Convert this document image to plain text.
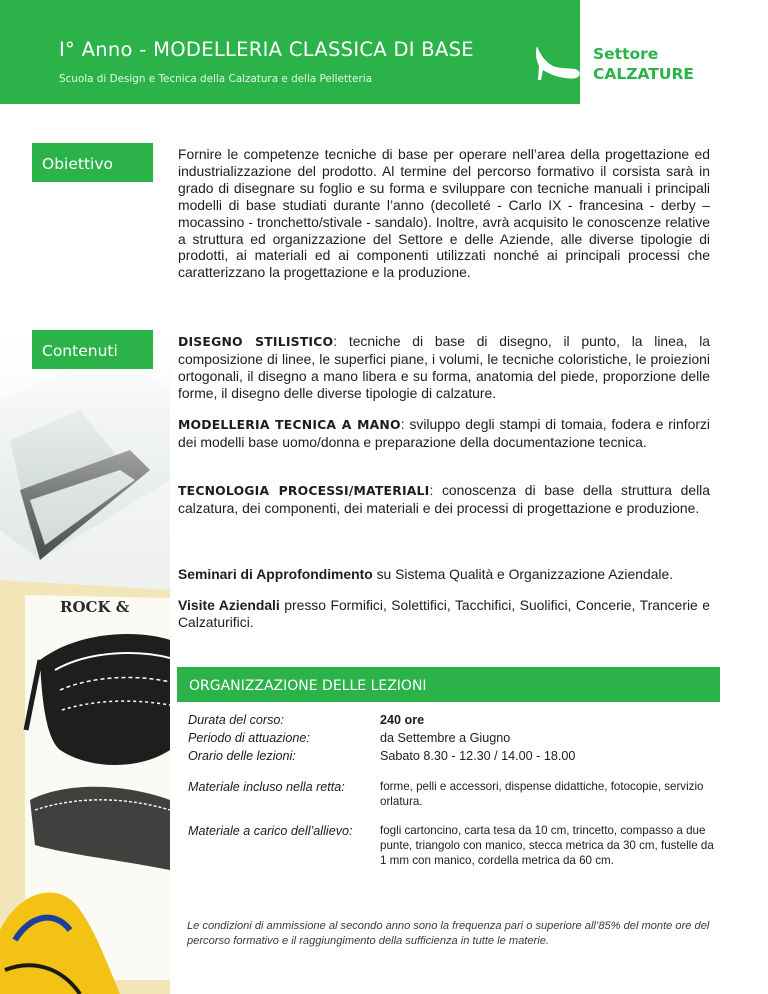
I° Anno - MODELLERIA CLASSICA DI BASE
Scuola di Design e Tecnica della Calzatura e della Pelletteria
Settore
CALZATURE
Obiettivo
Fornire le competenze tecniche di base per operare nell’area della progettazione ed industrializzazione del prodotto. Al termine del percorso formativo il corsista sarà in grado di disegnare su foglio e su forma e sviluppare con tecniche manuali i principali modelli di base studiati durante l’anno (decolleté - Carlo IX - francesina - derby – mocassino - tronchetto/stivale - sandalo). Inoltre, avrà acquisito le conoscenze relative a struttura ed organizzazione del Settore e delle Aziende, alle diverse tipologie di prodotti, ai materiali ed ai componenti utilizzati nonché ai principali processi che caratterizzano la progettazione e la produzione.
Contenuti
DISEGNO STILISTICO: tecniche di base di disegno, il punto, la linea, la composizione di linee, le superfici piane, i volumi, le tecniche coloristiche, le proiezioni ortogonali, il disegno a mano libera e su forma, anatomia del piede, proporzione delle forme, il disegno delle diverse tipologie di calzature.
MODELLERIA TECNICA A MANO: sviluppo degli stampi di tomaia, fodera e rinforzi dei modelli base uomo/donna e preparazione della documentazione tecnica.
TECNOLOGIA PROCESSI/MATERIALI: conoscenza di base della struttura della calzatura, dei componenti, dei materiali e dei processi di progettazione e produzione.
Seminari di Approfondimento su Sistema Qualità e Organizzazione Aziendale.
Visite Aziendali presso Formifici, Solettifici, Tacchifici, Suolifici, Concerie, Trancerie e Calzaturifici.
ORGANIZZAZIONE DELLE LEZIONI
Durata del corso:	240 ore
Periodo di attuazione:	da Settembre a Giugno
Orario delle lezioni:	Sabato 8.30 - 12.30 / 14.00 - 18.00
Materiale incluso nella retta:	forme, pelli e accessori, dispense didattiche, fotocopie, servizio orlatura.
Materiale a carico dell’allievo: fogli cartoncino, carta tesa da 10 cm, trincetto, compasso a due punte, triangolo con manico, stecca metrica da 30 cm, fustelle da 1 mm con manico, cordella metrica da 60 cm.
Le condizioni di ammissione al secondo anno sono la frequenza pari o superiore all’85% del monte ore del percorso formativo e il raggiungimento della sufficienza in tutte le materie.
